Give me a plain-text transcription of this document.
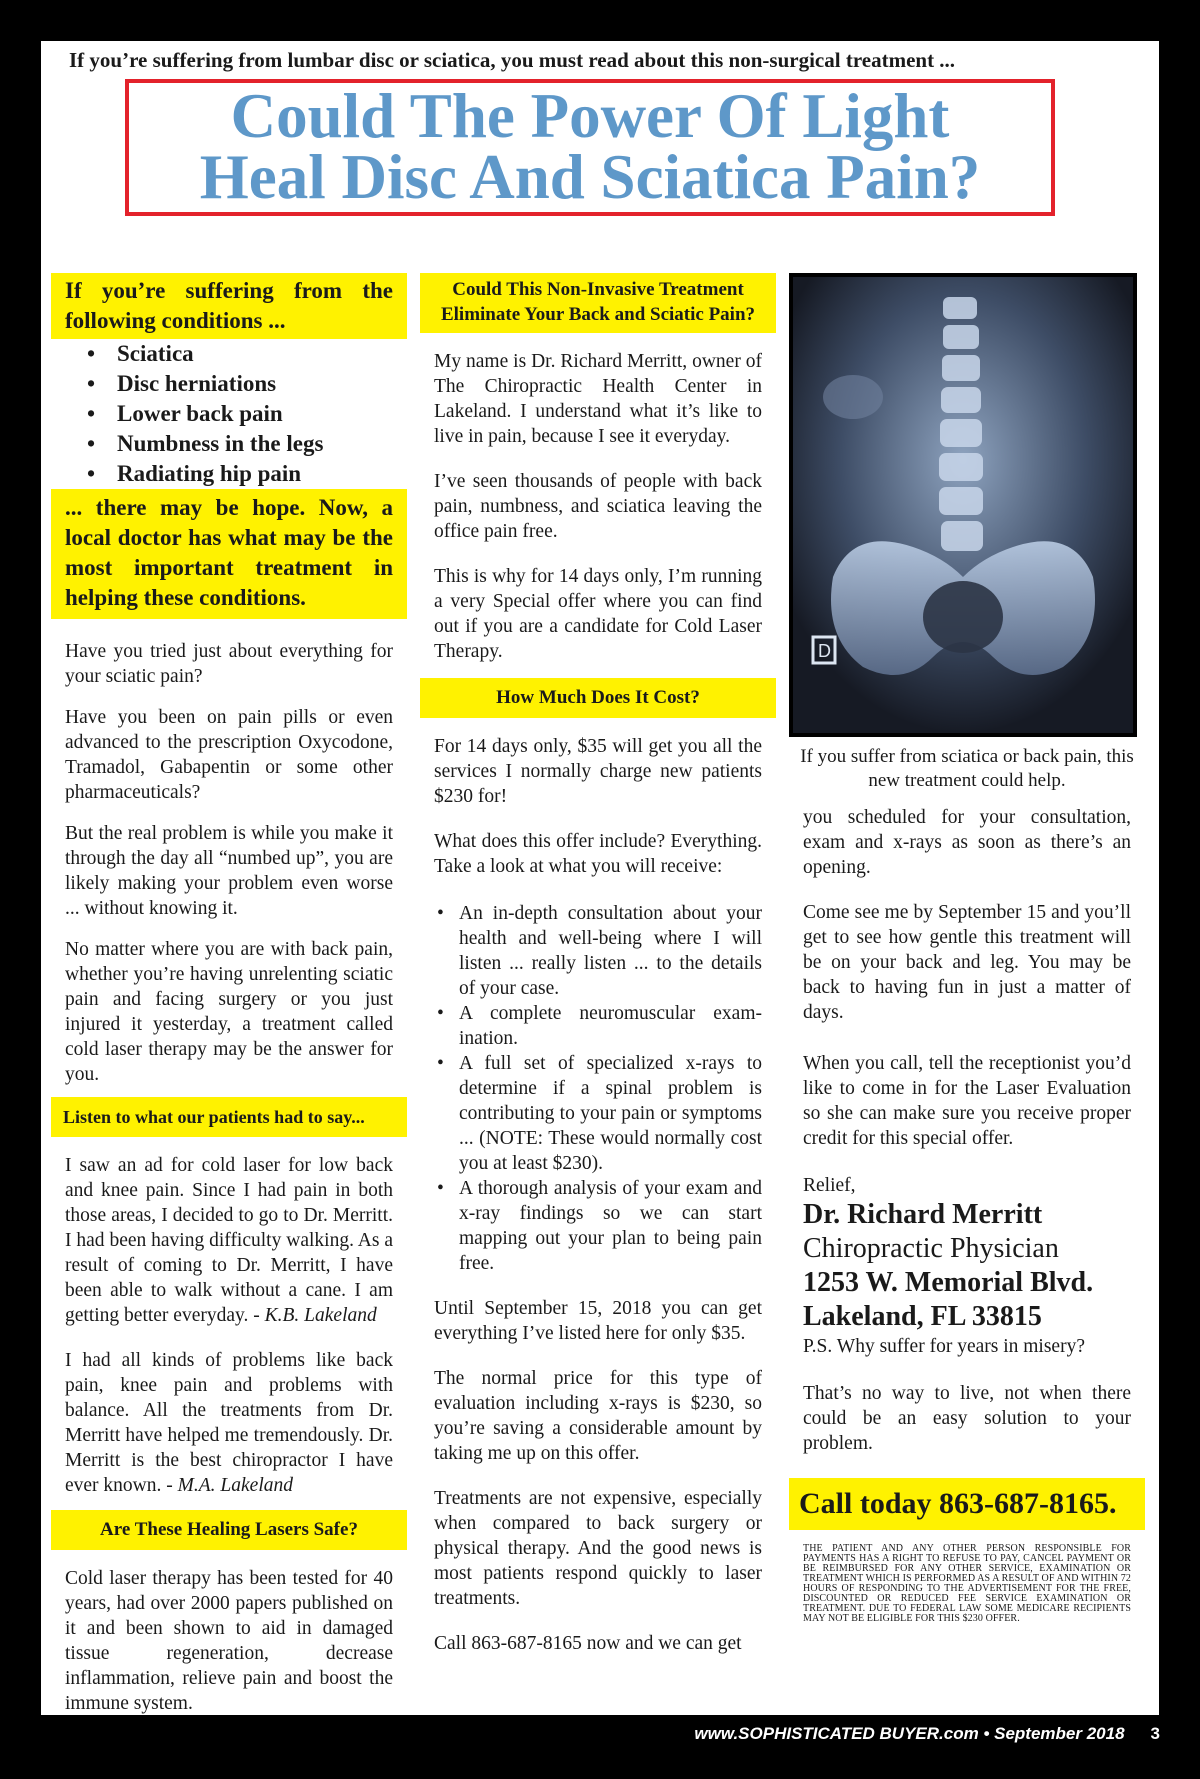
If you’re suffering from lumbar disc or sciatica, you must read about this non-surgical treatment ...
Could The Power Of Light
Heal Disc And Sciatica Pain?
If you’re suffering from the following conditions ...
• Sciatica
• Disc herniations
• Lower back pain
• Numbness in the legs
• Radiating hip pain
... there may be hope. Now, a local doctor has what may be the most important treatment in helping these conditions.

Have you tried just about everything for your sciatic pain?

Have you been on pain pills or even advanced to the prescription Oxycodone, Tramadol, Gabapentin or some other pharmaceuticals?

But the real problem is while you make it through the day all “numbed up”, you are likely making your problem even worse ... without knowing it.

No matter where you are with back pain, whether you’re having unrelenting sciatic pain and facing surgery or you just injured it yesterday, a treatment called cold laser therapy may be the answer for you.

Listen to what our patients had to say...

I saw an ad for cold laser for low back and knee pain. Since I had pain in both those areas, I decided to go to Dr. Merritt. I had been having difficulty walking. As a result of coming to Dr. Merritt, I have been able to walk without a cane. I am getting better everyday. - K.B. Lakeland

I had all kinds of problems like back pain, knee pain and problems with balance. All the treatments from Dr. Merritt have helped me tremendously. Dr. Merritt is the best chiropractor I have ever known. - M.A. Lakeland

Are These Healing Lasers Safe?

Cold laser therapy has been tested for 40 years, had over 2000 papers published on it and been shown to aid in damaged tissue regeneration, decrease inflammation, relieve pain and boost the immune system.

Could This Non-Invasive Treatment Eliminate Your Back and Sciatic Pain?

My name is Dr. Richard Merritt, owner of The Chiropractic Health Center in Lakeland. I understand what it’s like to live in pain, because I see it everyday.

I’ve seen thousands of people with back pain, numbness, and sciatica leaving the office pain free.

This is why for 14 days only, I’m running a very Special offer where you can find out if you are a candidate for Cold Laser Therapy.

How Much Does It Cost?

For 14 days only, $35 will get you all the services I normally charge new patients $230 for!

What does this offer include? Everything. Take a look at what you will receive:

• An in-depth consultation about your health and well-being where I will listen ... really listen ... to the details of your case.
• A complete neuromuscular exam- ination.
• A full set of specialized x-rays to determine if a spinal problem is contributing to your pain or symptoms ... (NOTE: These would normally cost you at least $230).
• A thorough analysis of your exam and x-ray findings so we can start mapping out your plan to being pain free.

Until September 15, 2018 you can get everything I’ve listed here for only $35.

The normal price for this type of evaluation including x-rays is $230, so you’re saving a considerable amount by taking me up on this offer.

Treatments are not expensive, especially when compared to back surgery or physical therapy. And the good news is most patients respond quickly to laser treatments.

Call 863-687-8165 now and we can get

D

If you suffer from sciatica or back pain, this new treatment could help.

you scheduled for your consultation, exam and x-rays as soon as there’s an opening.

Come see me by September 15 and you’ll get to see how gentle this treatment will be on your back and leg. You may be back to having fun in just a matter of days.

When you call, tell the receptionist you’d like to come in for the Laser Evaluation so she can make sure you receive proper credit for this special offer.

Relief,

Dr. Richard Merritt
Chiropractic Physician
1253 W. Memorial Blvd.
Lakeland, FL 33815
P.S. Why suffer for years in misery?

That’s no way to live, not when there could be an easy solution to your problem.

Call today 863-687-8165.

THE PATIENT AND ANY OTHER PERSON RESPONSIBLE FOR PAYMENTS HAS A RIGHT TO REFUSE TO PAY, CANCEL PAYMENT OR BE REIMBURSED FOR ANY OTHER SERVICE, EXAMINATION OR TREATMENT WHICH IS PERFORMED AS A RESULT OF AND WITHIN 72 HOURS OF RESPONDING TO THE ADVERTISEMENT FOR THE FREE, DISCOUNTED OR REDUCED FEE SERVICE EXAMINATION OR TREATMENT. DUE TO FEDERAL LAW SOME MEDICARE RECIPIENTS MAY NOT BE ELIGIBLE FOR THIS $230 OFFER.

www.SOPHISTICATED BUYER.com • September 2018 3
